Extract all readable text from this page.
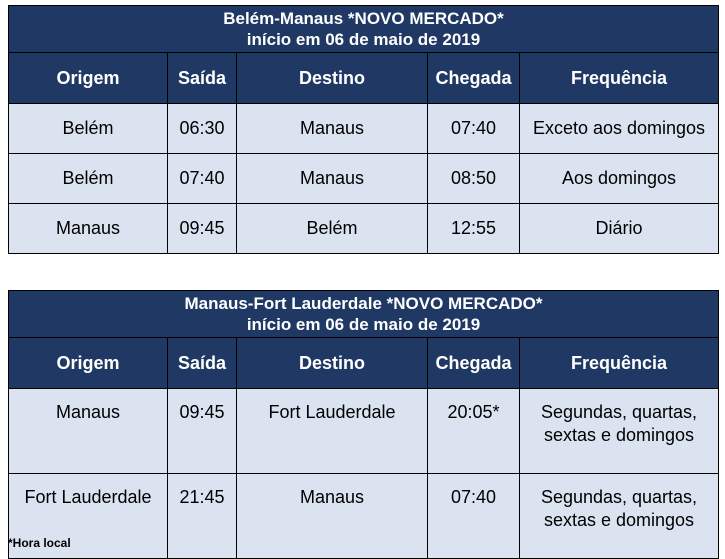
Belém-Manaus *NOVO MERCADO*
início em 06 de maio de 2019				

Origem	Saída	Destino	Chegada	Frequência
Belém	06:30	Manaus	07:40	Exceto aos domingos
Belém	07:40	Manaus	08:50	Aos domingos
Manaus	09:45	Belém	12:55	Diário
Manaus-Fort Lauderdale *NOVO MERCADO*
início em 06 de maio de 2019				

Origem	Saída	Destino	Chegada	Frequência
Manaus	09:45	Fort Lauderdale	20:05*	Segundas, quartas,
sextas e domingos

Fort Lauderdale	21:45	Manaus	07:40	Segundas, quartas,
sextas e domingos

*Hora local
